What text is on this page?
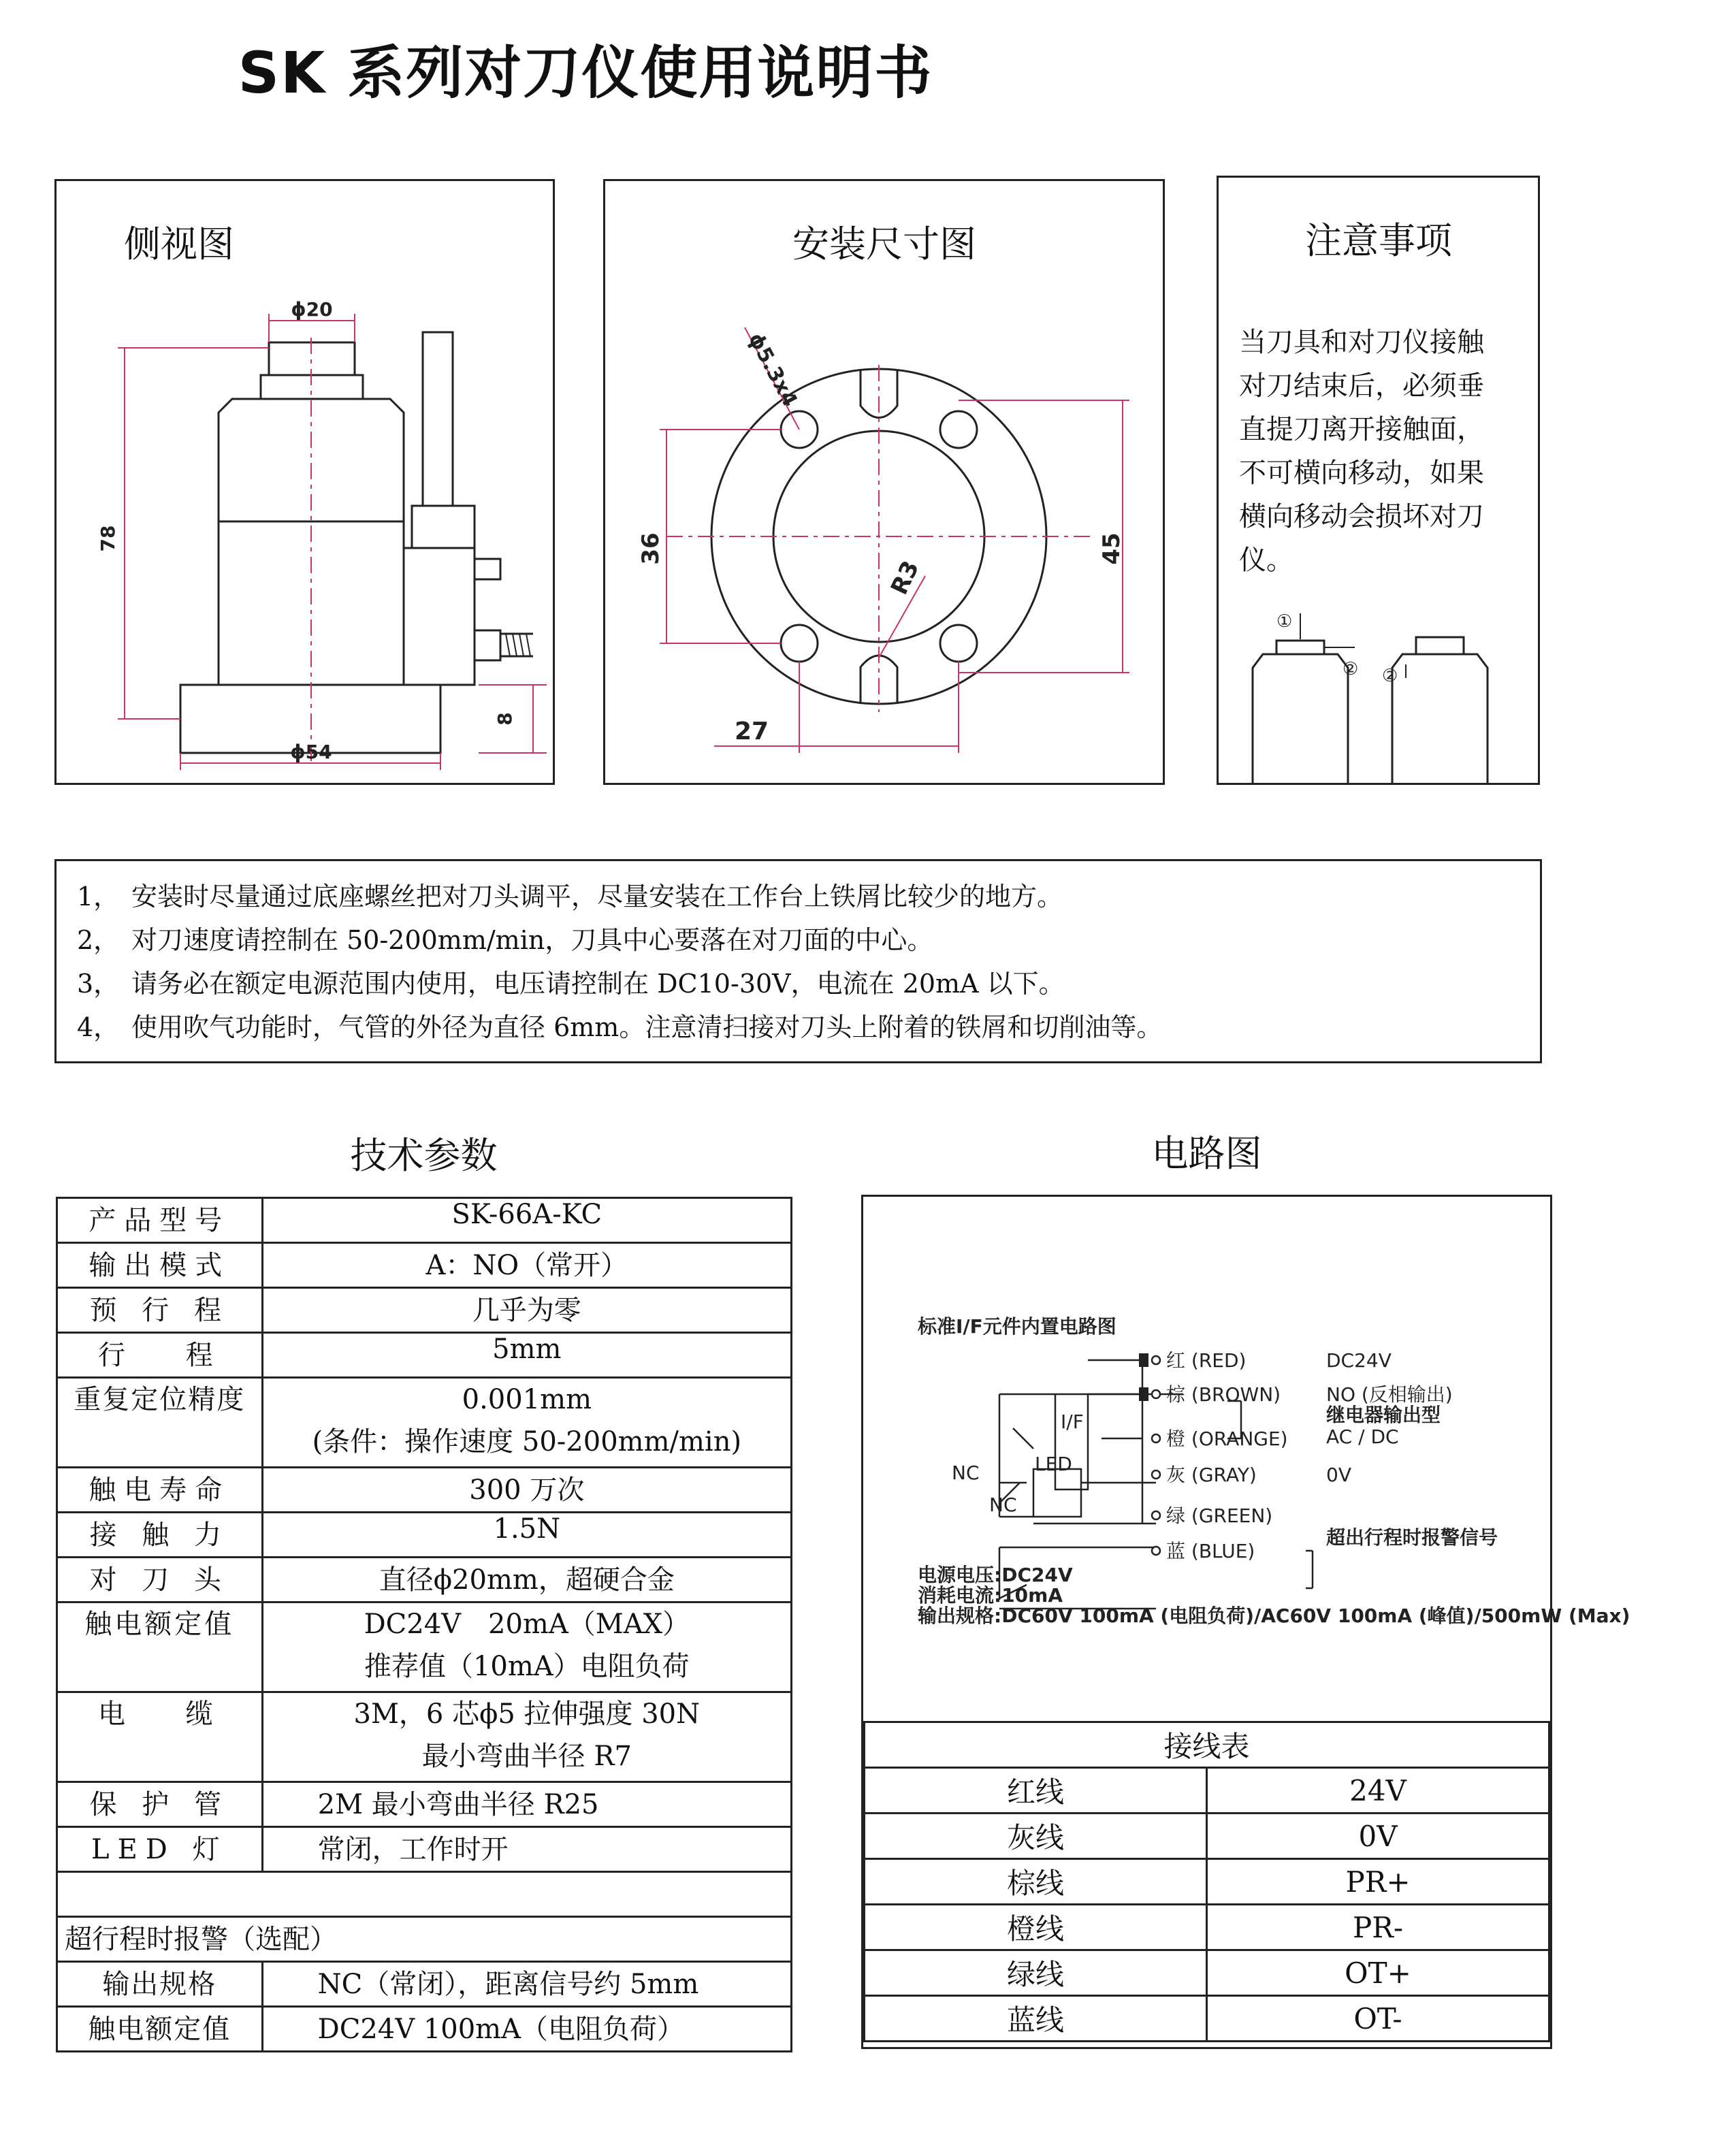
SK 系列对刀仪使用说明书
侧视图
ϕ20
78
ϕ54
8
安装尺寸图
ϕ5.3x4
36	45
R3
27
注意事项

当刀具和对刀仪接触

对刀结束后，必须垂

直提刀离开接触面，

不可横向移动，如果

横向移动会损坏对刀

仪。

①
② ②

1， 安装时尽量通过底座螺丝把对刀头调平，尽量安装在工作台上铁屑比较少的地方。

2， 对刀速度请控制在 50-200mm/min，刀具中心要落在对刀面的中心。

3， 请务必在额定电源范围内使用，电压请控制在 DC10-30V，电流在 20mA 以下。

4， 使用吹气功能时，气管的外径为直径 6mm。注意清扫接对刀头上附着的铁屑和切削油等。

技术参数
产品型号	SK-66A-KC
输出模式	A：NO（常开）
预 行 程	几乎为零
行　 程	5mm

重复定位精度	0.001mm
(条件：操作速度 50-200mm/min)

触电寿命	300 万次
接 触 力	1.5N
对 刀 头	直径ϕ20mm，超硬合金

触电额定值	DC24V　20mA（MAX）
推荐值（10mA）电阻负荷

电　 缆	3M，6 芯ϕ5 拉伸强度 30N
最小弯曲半径 R7

保 护 管	2M 最小弯曲半径 R25
LED 灯	常闭，工作时开

超行程时报警（选配）	
输出规格	NC（常闭），距离信号约 5mm
触电额定值	DC24V 100mA（电阻负荷）
电路图
标准I/F元件内置电路图
I/F
LED
NC
NC
红 (RED)
棕 (BROWN)
橙 (ORANGE)
灰 (GRAY)
绿 (GREEN)
蓝 (BLUE)
DC24V
NO (反相输出)
继电器输出型
AC / DC
0V
超出行程时报警信号
电源电压:DC24V
消耗电流:10mA
输出规格:DC60V 100mA (电阻负荷)/AC60V 100mA (峰值)/500mW (Max)
接线表	
红线	24V
灰线	0V
棕线	PR+
橙线	PR-
绿线	OT+
蓝线	OT-
